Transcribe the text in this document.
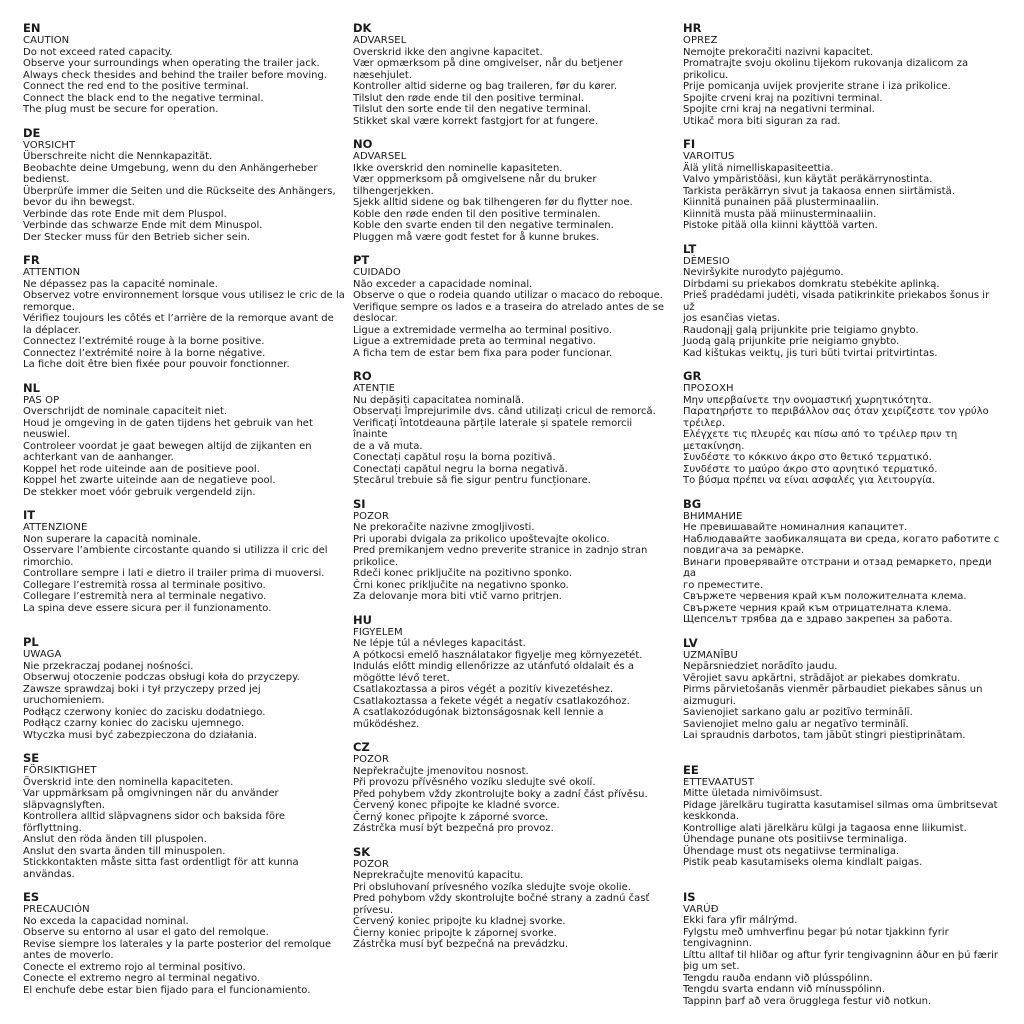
EN
CAUTION
Do not exceed rated capacity.
Observe your surroundings when operating the trailer jack.
Always check thesides and behind the trailer before moving.
Connect the red end to the positive terminal.
Connect the black end to the negative terminal.
The plug must be secure for operation.
DE
VORSICHT
Überschreite nicht die Nennkapazität.
Beobachte deine Umgebung, wenn du den Anhängerheber
bedienst.
Überprüfe immer die Seiten und die Rückseite des Anhängers,
bevor du ihn bewegst.
Verbinde das rote Ende mit dem Pluspol.
Verbinde das schwarze Ende mit dem Minuspol.
Der Stecker muss für den Betrieb sicher sein.
FR
ATTENTION
Ne dépassez pas la capacité nominale.
Observez votre environnement lorsque vous utilisez le cric de la
remorque.
Vérifiez toujours les côtés et l’arrière de la remorque avant de
la déplacer.
Connectez l’extrémité rouge à la borne positive.
Connectez l’extrémité noire à la borne négative.
La fiche doit être bien fixée pour pouvoir fonctionner.
NL
PAS OP
Overschrijdt de nominale capaciteit niet.
Houd je omgeving in de gaten tijdens het gebruik van het
neuswiel.
Controleer voordat je gaat bewegen altijd de zijkanten en
achterkant van de aanhanger.
Koppel het rode uiteinde aan de positieve pool.
Koppel het zwarte uiteinde aan de negatieve pool.
De stekker moet vóór gebruik vergendeld zijn.
IT
ATTENZIONE
Non superare la capacità nominale.
Osservare l’ambiente circostante quando si utilizza il cric del
rimorchio.
Controllare sempre i lati e dietro il trailer prima di muoversi.
Collegare l’estremità rossa al terminale positivo.
Collegare l’estremità nera al terminale negativo.
La spina deve essere sicura per il funzionamento.
PL
UWAGA
Nie przekraczaj podanej nośności.
Obserwuj otoczenie podczas obsługi koła do przyczepy.
Zawsze sprawdzaj boki i tył przyczepy przed jej uruchomieniem.
Podłącz czerwony koniec do zacisku dodatniego.
Podłącz czarny koniec do zacisku ujemnego.
Wtyczka musi być zabezpieczona do działania.
SE
FÖRSIKTIGHET
Överskrid inte den nominella kapaciteten.
Var uppmärksam på omgivningen när du använder
släpvagnslyften.
Kontrollera alltid släpvagnens sidor och baksida före
förflyttning.
Anslut den röda änden till pluspolen.
Anslut den svarta änden till minuspolen.
Stickkontakten måste sitta fast ordentligt för att kunna
användas.
ES
PRECAUCIÓN
No exceda la capacidad nominal.
Observe su entorno al usar el gato del remolque.
Revise siempre los laterales y la parte posterior del remolque
antes de moverlo.
Conecte el extremo rojo al terminal positivo.
Conecte el extremo negro al terminal negativo.
El enchufe debe estar bien fijado para el funcionamiento.
DK
ADVARSEL
Overskrid ikke den angivne kapacitet.
Vær opmærksom på dine omgivelser, når du betjener
næsehjulet.
Kontroller altid siderne og bag traileren, før du kører.
Tilslut den røde ende til den positive terminal.
Tilslut den sorte ende til den negative terminal.
Stikket skal være korrekt fastgjort for at fungere.
NO
ADVARSEL
Ikke overskrid den nominelle kapasiteten.
Vær oppmerksom på omgivelsene når du bruker
tilhengerjekken.
Sjekk alltid sidene og bak tilhengeren før du flytter noe.
Koble den røde enden til den positive terminalen.
Koble den svarte enden til den negative terminalen.
Pluggen må være godt festet for å kunne brukes.
PT
CUIDADO
Não exceder a capacidade nominal.
Observe o que o rodeia quando utilizar o macaco do reboque.
Verifique sempre os lados e a traseira do atrelado antes de se
deslocar.
Ligue a extremidade vermelha ao terminal positivo.
Ligue a extremidade preta ao terminal negativo.
A ficha tem de estar bem fixa para poder funcionar.
RO
ATENȚIE
Nu depășiți capacitatea nominală.
Observați împrejurimile dvs. când utilizați cricul de remorcă.
Verificați întotdeauna părțile laterale și spatele remorcii înainte
de a vă muta.
Conectați capătul roșu la borna pozitivă.
Conectați capătul negru la borna negativă.
Ștecărul trebuie să fie sigur pentru funcționare.
SI
POZOR
Ne prekoračite nazivne zmogljivosti.
Pri uporabi dvigala za prikolico upoštevajte okolico.
Pred premikanjem vedno preverite stranice in zadnjo stran
prikolice.
Rdeči konec priključite na pozitivno sponko.
Črni konec priključite na negativno sponko.
Za delovanje mora biti vtič varno pritrjen.
HU
FIGYELEM
Ne lépje túl a névleges kapacitást.
A pótkocsi emelő használatakor figyelje meg környezetét.
Indulás előtt mindig ellenőrizze az utánfutó oldalait és a
mögötte lévő teret.
Csatlakoztassa a piros végét a pozitív kivezetéshez.
Csatlakoztassa a fekete végét a negatív csatlakozóhoz.
A csatlakozódugónak biztonságosnak kell lennie a működéshez.
CZ
POZOR
Nepřekračujte jmenovitou nosnost.
Při provozu přívěsného vozíku sledujte své okolí.
Před pohybem vždy zkontrolujte boky a zadní část přívěsu.
Červený konec připojte ke kladné svorce.
Černý konec připojte k záporné svorce.
Zástrčka musí být bezpečná pro provoz.
SK
POZOR
Neprekračujte menovitú kapacitu.
Pri obsluhovaní prívesného vozíka sledujte svoje okolie.
Pred pohybom vždy skontrolujte bočné strany a zadnú časť
prívesu.
Červený koniec pripojte ku kladnej svorke.
Čierny koniec pripojte k zápornej svorke.
Zástrčka musí byť bezpečná na prevádzku.
HR
OPREZ
Nemojte prekoračiti nazivni kapacitet.
Promatrajte svoju okolinu tijekom rukovanja dizalicom za
prikolicu.
Prije pomicanja uvijek provjerite strane i iza prikolice.
Spojite crveni kraj na pozitivni terminal.
Spojite crni kraj na negativni terminal.
Utikač mora biti siguran za rad.
FI
VAROITUS
Älä ylitä nimelliskapasiteettia.
Valvo ympäristöäsi, kun käytät peräkärrynostinta.
Tarkista peräkärryn sivut ja takaosa ennen siirtämistä.
Kiinnitä punainen pää plusterminaaliin.
Kiinnitä musta pää miinusterminaaliin.
Pistoke pitää olla kiinni käyttöä varten.
LT
DĖMESIO
Neviršykite nurodyto pajėgumo.
Dirbdami su priekabos domkratu stebėkite aplinką.
Prieš pradėdami judėti, visada patikrinkite priekabos šonus ir už
jos esančias vietas.
Raudonąjį galą prijunkite prie teigiamo gnybto.
Juodą galą prijunkite prie neigiamo gnybto.
Kad kištukas veiktų, jis turi būti tvirtai pritvirtintas.
GR
ΠΡΟΣΟΧΗ
Μην υπερβαίνετε την ονομαστική χωρητικότητα.
Παρατηρήστε το περιβάλλον σας όταν χειρίζεστε τον γρύλο
τρέιλερ.
Ελέγχετε τις πλευρές και πίσω από το τρέιλερ πριν τη
μετακίνηση.
Συνδέστε το κόκκινο άκρο στο θετικό τερματικό.
Συνδέστε το μαύρο άκρο στο αρνητικό τερματικό.
Το βύσμα πρέπει να είναι ασφαλές για λειτουργία.
BG
ВНИМАНИЕ
Не превишавайте номиналния капацитет.
Наблюдавайте заобикалящата ви среда, когато работите с
повдигача за ремарке.
Винаги проверявайте отстрани и отзад ремаркето, преди да
го преместите.
Свържете червения край към положителната клема.
Свържете черния край към отрицателната клема.
Щепселът трябва да е здраво закрепен за работа.
LV
UZMANĪBU
Nepārsniedziet norādīto jaudu.
Vērojiet savu apkārtni, strādājot ar piekabes domkratu.
Pirms pārvietošanās vienmēr pārbaudiet piekabes sānus un
aizmuguri.
Savienojiet sarkano galu ar pozitīvo terminālī.
Savienojiet melno galu ar negatīvo terminālī.
Lai spraudnis darbotos, tam jābūt stingri piestiprinātam.
EE
ETTEVAATUST
Mitte ületada nimivõimsust.
Pidage järelkäru tugiratta kasutamisel silmas oma ümbritsevat
keskkonda.
Kontrollige alati järelkäru külgi ja tagaosa enne liikumist.
Ühendage punane ots positiivse terminaliga.
Ühendage must ots negatiivse terminaliga.
Pistik peab kasutamiseks olema kindlalt paigas.
IS
VARÚÐ
Ekki fara yfir málrýmd.
Fylgstu með umhverfinu þegar þú notar tjakkinn fyrir
tengivagninn.
Líttu alltaf til hliðar og aftur fyrir tengivagninn áður en þú færir
þig um set.
Tengdu rauða endann við plússpólinn.
Tengdu svarta endann við mínusspólinn.
Tappinn þarf að vera örugglega festur við notkun.
